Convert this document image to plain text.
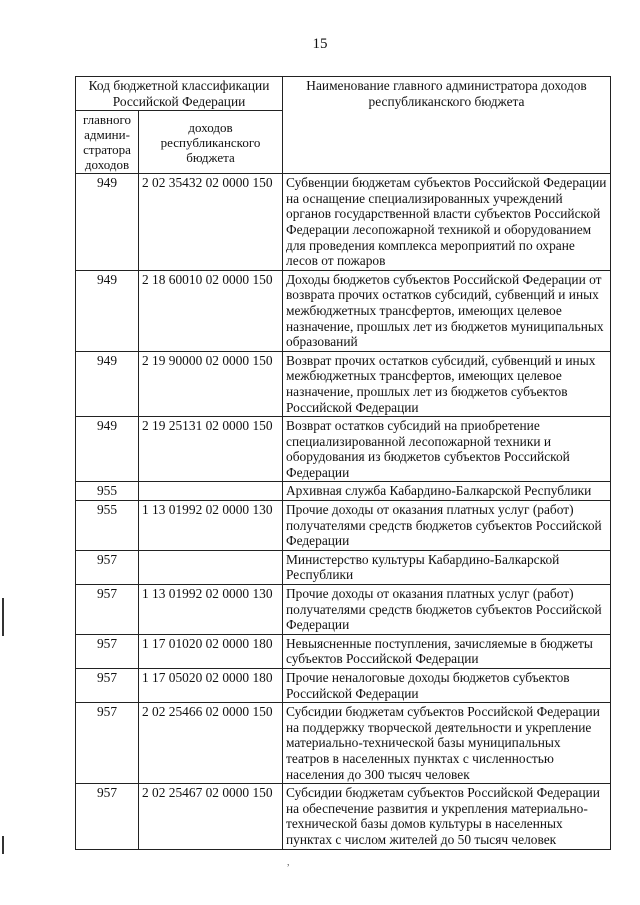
15
,
Код бюджетной классификации Российской Федерации		Наименование главного администратора доходов республиканского бюджета
главного админи-стратора доходов	доходов республиканского бюджета	
949	2 02 35432 02 0000 150	Субвенции бюджетам субъектов Российской Федерации на оснащение специализированных учреждений органов государственной власти субъектов Российской Федерации лесопожарной техникой и оборудованием для проведения комплекса мероприятий по охране лесов от пожаров
949	2 18 60010 02 0000 150	Доходы бюджетов субъектов Российской Федерации от возврата прочих остатков субсидий, субвенций и иных межбюджетных трансфертов, имеющих целевое назначение, прошлых лет из бюджетов муниципальных образований
949	2 19 90000 02 0000 150	Возврат прочих остатков субсидий, субвенций и иных межбюджетных трансфертов, имеющих целевое назначение, прошлых лет из бюджетов субъектов Российской Федерации
949	2 19 25131 02 0000 150	Возврат остатков субсидий на приобретение специализированной лесопожарной техники и оборудования из бюджетов субъектов Российской Федерации
955		Архивная служба Кабардино-Балкарской Республики
955	1 13 01992 02 0000 130	Прочие доходы от оказания платных услуг (работ) получателями средств бюджетов субъектов Российской Федерации
957		Министерство культуры Кабардино-Балкарской Республики
957	1 13 01992 02 0000 130	Прочие доходы от оказания платных услуг (работ) получателями средств бюджетов субъектов Российской Федерации
957	1 17 01020 02 0000 180	Невыясненные поступления, зачисляемые в бюджеты субъектов Российской Федерации
957	1 17 05020 02 0000 180	Прочие неналоговые доходы бюджетов субъектов Российской Федерации
957	2 02 25466 02 0000 150	Субсидии бюджетам субъектов Российской Федерации на поддержку творческой деятельности и укрепление материально-технической базы муниципальных театров в населенных пунктах с численностью населения до 300 тысяч человек
957	2 02 25467 02 0000 150	Субсидии бюджетам субъектов Российской Федерации на обеспечение развития и укрепления материально-технической базы домов культуры в населенных пунктах с числом жителей до 50 тысяч человек
